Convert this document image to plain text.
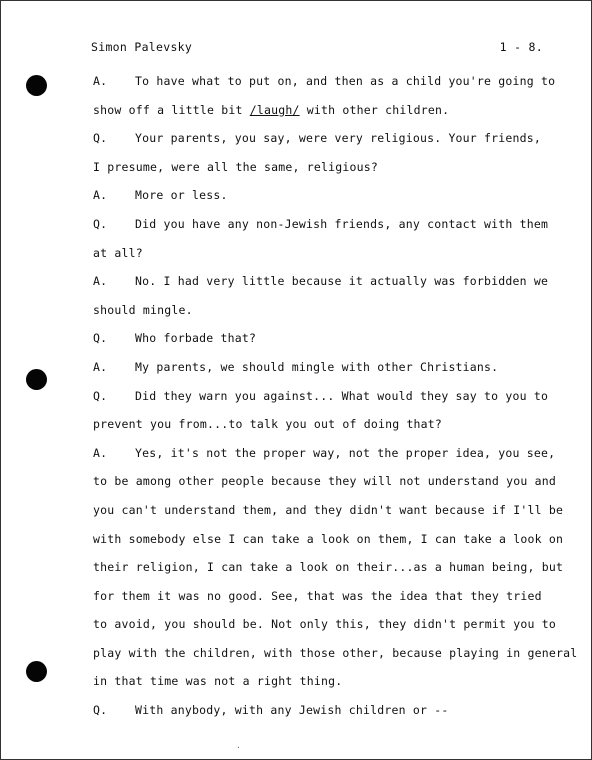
Simon Palevsky	1 - 8.
A. To have what to put on, and then as a child you're going to
show off a little bit /laugh/ with other children.
Q. Your parents, you say, were very religious. Your friends,
I presume, were all the same, religious?
A. More or less.
Q. Did you have any non-Jewish friends, any contact with them
at all?
A. No. I had very little because it actually was forbidden we
should mingle.
Q. Who forbade that?
A. My parents, we should mingle with other Christians.
Q. Did they warn you against... What would they say to you to
prevent you from...to talk you out of doing that?
A. Yes, it's not the proper way, not the proper idea, you see,
to be among other people because they will not understand you and
you can't understand them, and they didn't want because if I'll be
with somebody else I can take a look on them, I can take a look on
their religion, I can take a look on their...as a human being, but
for them it was no good. See, that was the idea that they tried
to avoid, you should be. Not only this, they didn't permit you to
play with the children, with those other, because playing in general
in that time was not a right thing.
Q. With anybody, with any Jewish children or --
·
